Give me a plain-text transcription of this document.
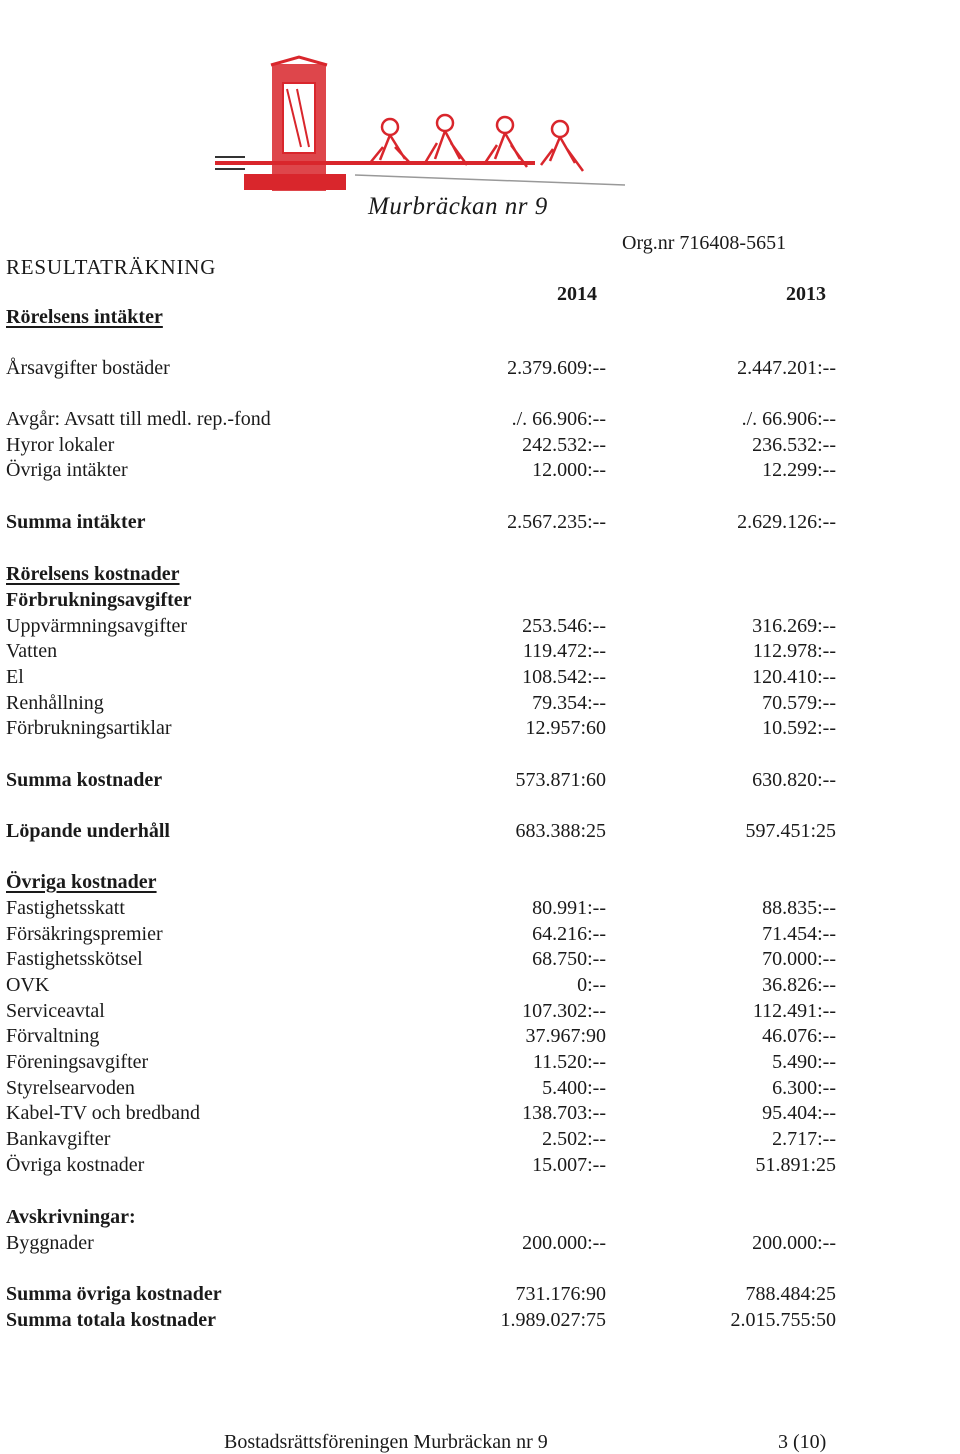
Murbräckan nr 9
Org.nr 716408-5651
RESULTATRÄKNING
2014	2013
Rörelsens intäkter
Årsavgifter bostäder	2.379.609:--	2.447.201:--
Avgår: Avsatt till medl. rep.-fond	./. 66.906:--	./. 66.906:--
Hyror lokaler	242.532:--	236.532:--
Övriga intäkter	12.000:--	12.299:--
Summa intäkter	2.567.235:--	2.629.126:--
Rörelsens kostnader
Förbrukningsavgifter
Uppvärmningsavgifter	253.546:--	316.269:--
Vatten	119.472:--	112.978:--
El	108.542:--	120.410:--
Renhållning	79.354:--	70.579:--
Förbrukningsartiklar	12.957:60	10.592:--
Summa kostnader	573.871:60	630.820:--
Löpande underhåll	683.388:25	597.451:25
Övriga kostnader
Fastighetsskatt	80.991:--	88.835:--
Försäkringspremier	64.216:--	71.454:--
Fastighetsskötsel	68.750:--	70.000:--
OVK	0:--	36.826:--
Serviceavtal	107.302:--	112.491:--
Förvaltning	37.967:90	46.076:--
Föreningsavgifter	11.520:--	5.490:--
Styrelsearvoden	5.400:--	6.300:--
Kabel-TV och bredband	138.703:--	95.404:--
Bankavgifter	2.502:--	2.717:--
Övriga kostnader	15.007:--	51.891:25
Avskrivningar:
Byggnader	200.000:--	200.000:--
Summa övriga kostnader	731.176:90	788.484:25
Summa totala kostnader	1.989.027:75	2.015.755:50
Bostadsrättsföreningen Murbräckan nr 9	3 (10)
